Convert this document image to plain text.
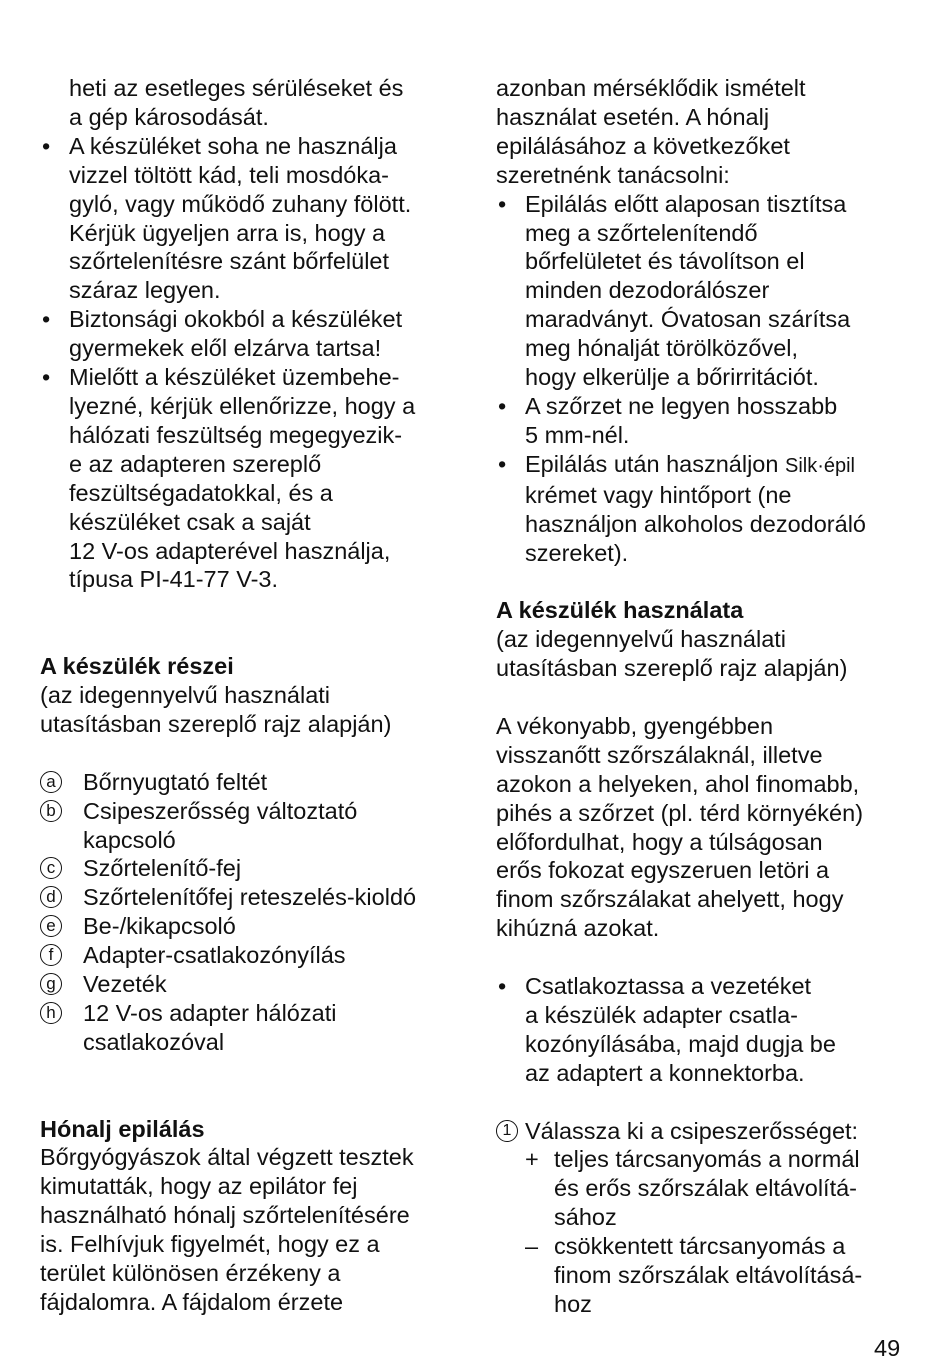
heti az esetleges sérüléseket és

a gép károsodását.

• A készüléket soha ne használja

vizzel töltött kád, teli mosdóka-

gyló, vagy működő zuhany fölött.

Kérjük ügyeljen arra is, hogy a

szőrtelenítésre szánt bőrfelület

száraz legyen.

• Biztonsági okokból a készüléket

gyermekek elől elzárva tartsa!

• Mielőtt a készüléket üzembehe-

lyezné, kérjük ellenőrizze, hogy a

hálózati feszültség megegyezik-

e az adapteren szereplő

feszültségadatokkal, és a

készüléket csak a saját

12 V-os adapterével használja,

típusa PI-41-77 V-3.

A készülék részei

(az idegennyelvű használati

utasításban szereplő rajz alapján)

a Bőrnyugtató feltét

b Csipeszerősség változtató

kapcsoló

c Szőrtelenítő-fej

d Szőrtelenítőfej reteszelés-kioldó

e Be-/kikapcsoló

f	Adapter-csatlakozónyílás

g Vezeték

h 12 V-os adapter hálózati

csatlakozóval

Hónalj epilálás

Bőrgyógyászok által végzett tesztek

kimutatták, hogy az epilátor fej

használható hónalj szőrtelenítésére

is. Felhívjuk figyelmét, hogy ez a

terület különösen érzékeny a

fájdalomra. A fájdalom érzete

azonban mérséklődik ismételt

használat esetén. A hónalj

epilálásához a következőket

szeretnénk tanácsolni:

• Epilálás előtt alaposan tisztítsa

meg a szőrtelenítendő

bőrfelületet és távolítson el

minden dezodorálószer

maradványt. Óvatosan szárítsa

meg hónalját törölközővel,

hogy elkerülje a bőrirritációt.

• A szőrzet ne legyen hosszabb

5 mm-nél.

• Epilálás után használjon Silk·épil

krémet vagy hintőport (ne

használjon alkoholos dezodoráló

szereket).

A készülék használata

(az idegennyelvű használati

utasításban szereplő rajz alapján)

A vékonyabb, gyengébben

visszanőtt szőrszálaknál, illetve

azokon a helyeken, ahol finomabb,

pihés a szőrzet (pl. térd környékén)

előfordulhat, hogy a túlságosan

erős fokozat egyszeruen letöri a

finom szőrszálakat ahelyett, hogy

kihúzná azokat.

• Csatlakoztassa a vezetéket

a készülék adapter csatla-

kozónyílásába, majd dugja be

az adaptert a konnektorba.

1 Válassza ki a csipeszerősséget:

+ teljes tárcsanyomás a normál

és erős szőrszálak eltávolítá-

sához

– csökkentett tárcsanyomás a

finom szőrszálak eltávolításá-

hoz

49
